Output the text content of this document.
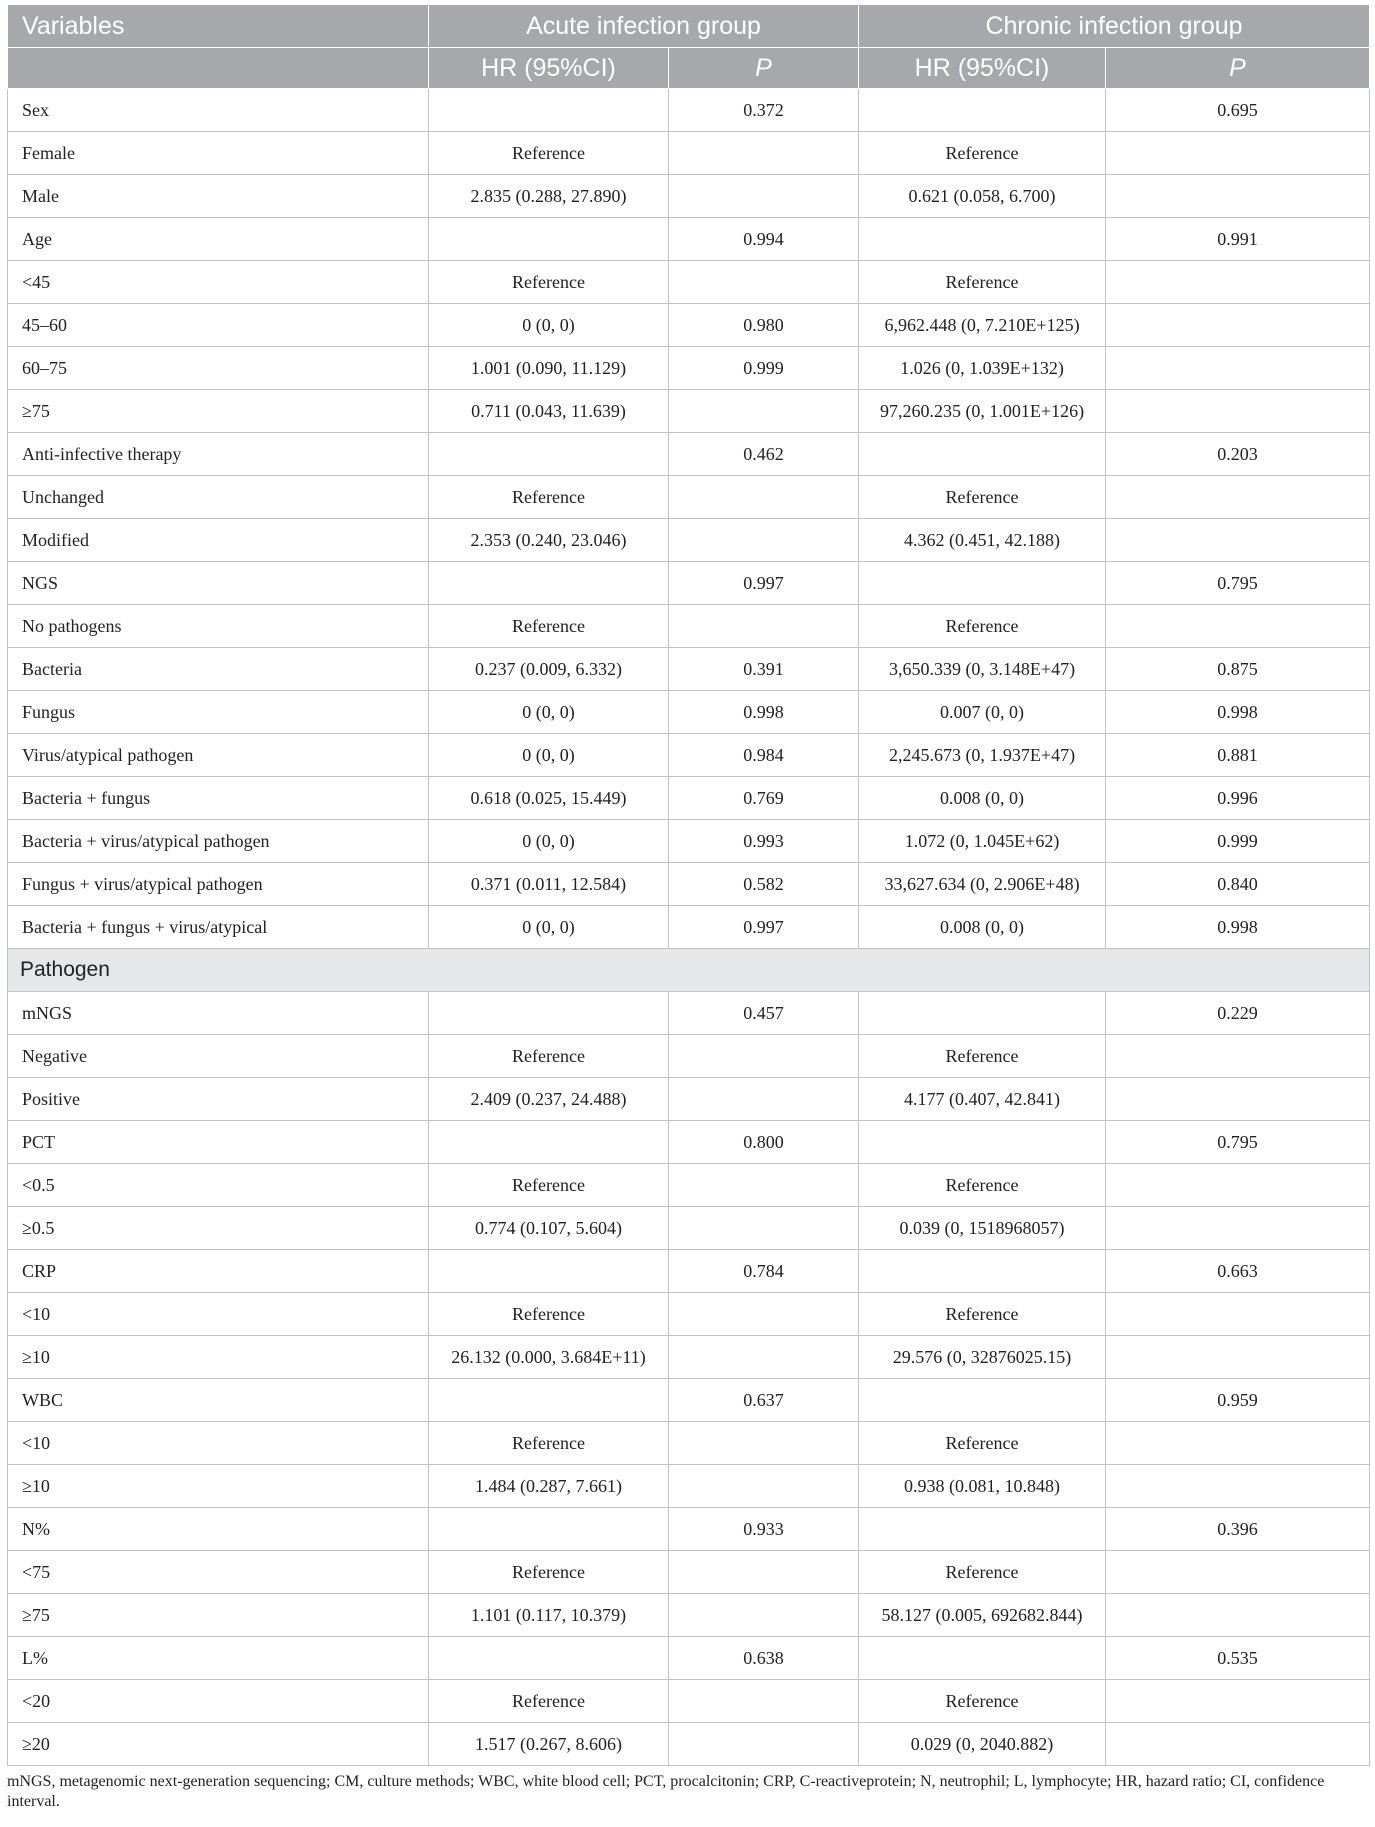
Variables	Acute infection group		Chronic infection group	
	HR (95%CI)	P	HR (95%CI)	P
Sex		0.372		0.695
Female	Reference		Reference	
Male	2.835 (0.288, 27.890)		0.621 (0.058, 6.700)	
Age		0.994		0.991
<45	Reference		Reference	
45–60	0 (0, 0)	0.980	6,962.448 (0, 7.210E+125)	
60–75	1.001 (0.090, 11.129)	0.999	1.026 (0, 1.039E+132)	
≥75	0.711 (0.043, 11.639)		97,260.235 (0, 1.001E+126)	
Anti-infective therapy		0.462		0.203
Unchanged	Reference		Reference	
Modified	2.353 (0.240, 23.046)		4.362 (0.451, 42.188)	
NGS		0.997		0.795
No pathogens	Reference		Reference	
Bacteria	0.237 (0.009, 6.332)	0.391	3,650.339 (0, 3.148E+47)	0.875
Fungus	0 (0, 0)	0.998	0.007 (0, 0)	0.998
Virus/atypical pathogen	0 (0, 0)	0.984	2,245.673 (0, 1.937E+47)	0.881
Bacteria + fungus	0.618 (0.025, 15.449)	0.769	0.008 (0, 0)	0.996
Bacteria + virus/atypical pathogen	0 (0, 0)	0.993	1.072 (0, 1.045E+62)	0.999
Fungus + virus/atypical pathogen	0.371 (0.011, 12.584)	0.582	33,627.634 (0, 2.906E+48)	0.840
Bacteria + fungus + virus/atypical	0 (0, 0)	0.997	0.008 (0, 0)	0.998
Pathogen				
mNGS		0.457		0.229
Negative	Reference		Reference	
Positive	2.409 (0.237, 24.488)		4.177 (0.407, 42.841)	
PCT		0.800		0.795
<0.5	Reference		Reference	
≥0.5	0.774 (0.107, 5.604)		0.039 (0, 1518968057)	
CRP		0.784		0.663
<10	Reference		Reference	
≥10	26.132 (0.000, 3.684E+11)		29.576 (0, 32876025.15)	
WBC		0.637		0.959
<10	Reference		Reference	
≥10	1.484 (0.287, 7.661)		0.938 (0.081, 10.848)	
N%		0.933		0.396
<75	Reference		Reference	
≥75	1.101 (0.117, 10.379)		58.127 (0.005, 692682.844)	
L%		0.638		0.535
<20	Reference		Reference	
≥20	1.517 (0.267, 8.606)		0.029 (0, 2040.882)	
mNGS, metagenomic next-generation sequencing; CM, culture methods; WBC, white blood cell; PCT, procalcitonin; CRP, C-reactiveprotein; N, neutrophil; L, lymphocyte; HR, hazard ratio; CI, confidence interval.
